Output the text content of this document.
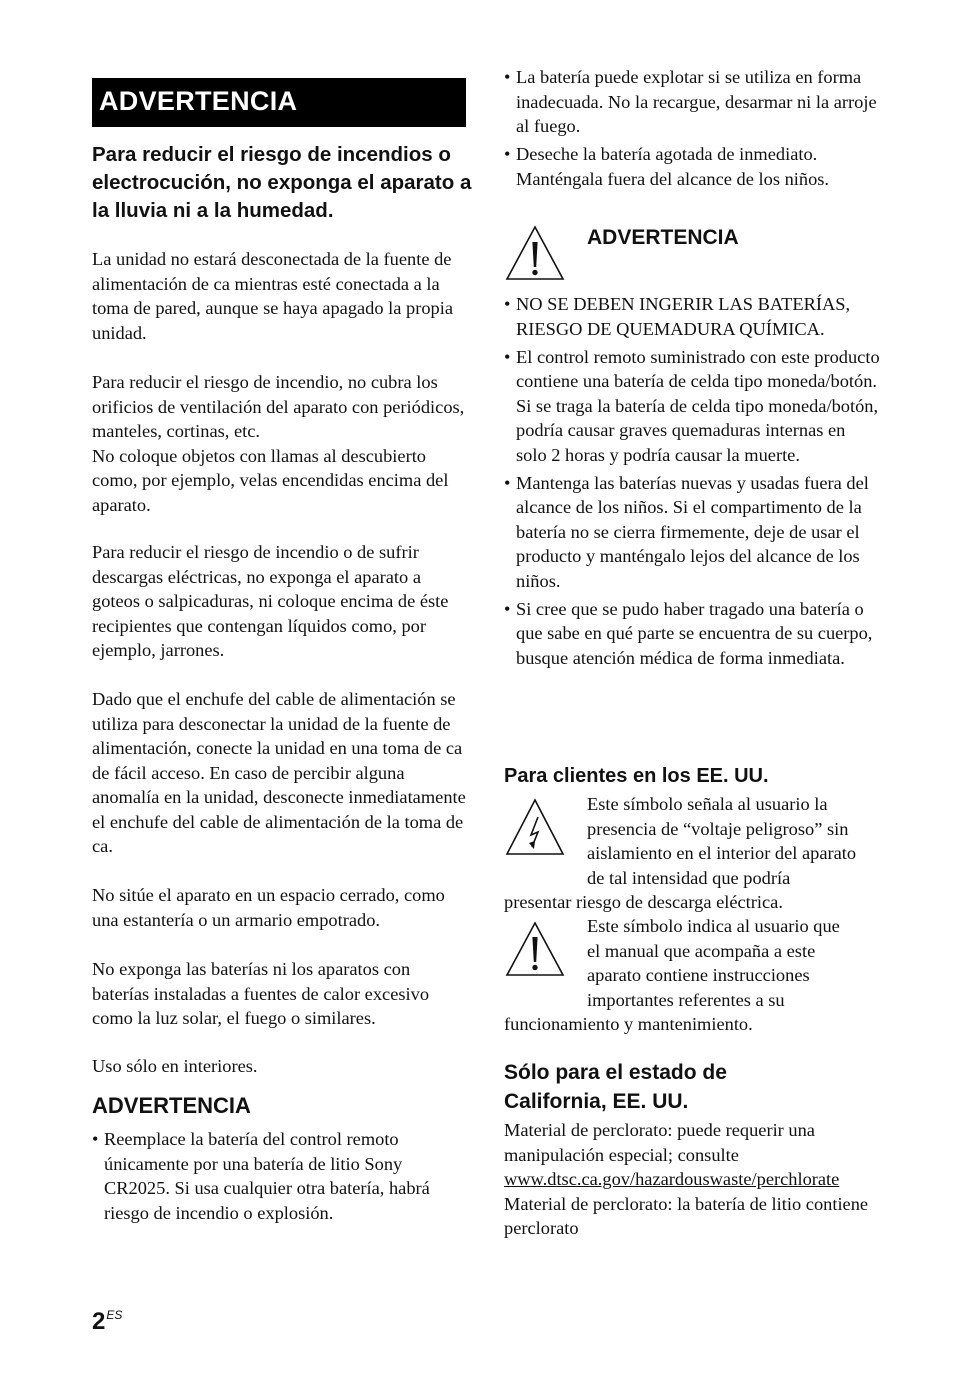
ADVERTENCIA
Para reducir el riesgo de incendios o electrocución, no exponga el aparato a la lluvia ni a la humedad.

La unidad no estará desconectada de la fuente de alimentación de ca mientras esté conectada a la toma de pared, aunque se haya apagado la propia unidad.

Para reducir el riesgo de incendio, no cubra los orificios de ventilación del aparato con periódicos, manteles, cortinas, etc.
No coloque objetos con llamas al descubierto como, por ejemplo, velas encendidas encima del aparato.

Para reducir el riesgo de incendio o de sufrir descargas eléctricas, no exponga el aparato a goteos o salpicaduras, ni coloque encima de éste recipientes que contengan líquidos como, por ejemplo, jarrones.

Dado que el enchufe del cable de alimentación se utiliza para desconectar la unidad de la fuente de alimentación, conecte la unidad en una toma de ca de fácil acceso. En caso de percibir alguna anomalía en la unidad, desconecte inmediatamente el enchufe del cable de alimentación de la toma de ca.

No sitúe el aparato en un espacio cerrado, como una estantería o un armario empotrado.

No exponga las baterías ni los aparatos con baterías instaladas a fuentes de calor excesivo como la luz solar, el fuego o similares.

Uso sólo en interiores.

ADVERTENCIA
• Reemplace la batería del control remoto únicamente por una batería de litio Sony CR2025. Si usa cualquier otra batería, habrá riesgo de incendio o explosión.
• La batería puede explotar si se utiliza en forma inadecuada. No la recargue, desarmar ni la arroje al fuego.
• Deseche la batería agotada de inmediato. Manténgala fuera del alcance de los niños.
ADVERTENCIA
• NO SE DEBEN INGERIR LAS BATERÍAS, RIESGO DE QUEMADURA QUÍMICA.
• El control remoto suministrado con este producto contiene una batería de celda tipo moneda/botón. Si se traga la batería de celda tipo moneda/botón, podría causar graves quemaduras internas en solo 2 horas y podría causar la muerte.
• Mantenga las baterías nuevas y usadas fuera del alcance de los niños. Si el compartimento de la batería no se cierra firmemente, deje de usar el producto y manténgalo lejos del alcance de los niños.
• Si cree que se pudo haber tragado una batería o que sabe en qué parte se encuentra de su cuerpo, busque atención médica de forma inmediata.
Para clientes en los EE. UU.
Este símbolo señala al usuario la
presencia de “voltaje peligroso” sin
aislamiento en el interior del aparato
de tal intensidad que podría
presentar riesgo de descarga eléctrica.
Este símbolo indica al usuario que
el manual que acompaña a este
aparato contiene instrucciones
importantes referentes a su
funcionamiento y mantenimiento.
Sólo para el estado de
California, EE. UU.
Material de perclorato: puede requerir una manipulación especial; consulte
www.dtsc.ca.gov/hazardouswaste/perchlorate
Material de perclorato: la batería de litio contiene perclorato
$2^{ES}$
